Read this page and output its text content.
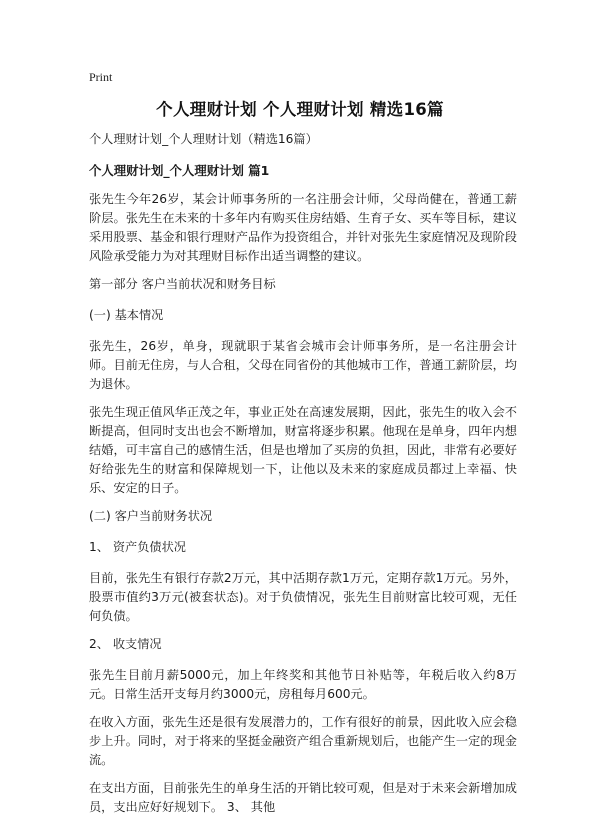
Print
个人理财计划 个人理财计划 精选16篇

个人理财计划_个人理财计划（精选16篇）

个人理财计划_个人理财计划 篇1

张先生今年26岁，某会计师事务所的一名注册会计师，父母尚健在，普通工薪阶层。张先生在未来的十多年内有购买住房结婚、生育子女、买车等目标，建议采用股票、基金和银行理财产品作为投资组合，并针对张先生家庭情况及现阶段风险承受能力为对其理财目标作出适当调整的建议。

第一部分 客户当前状况和财务目标

(一) 基本情况

张先生，26岁，单身，现就职于某省会城市会计师事务所，是一名注册会计师。目前无住房，与人合租，父母在同省份的其他城市工作，普通工薪阶层，均为退休。

张先生现正值风华正茂之年，事业正处在高速发展期，因此，张先生的收入会不断提高，但同时支出也会不断增加，财富将逐步积累。他现在是单身，四年内想结婚，可丰富自己的感情生活，但是也增加了买房的负担，因此，非常有必要好好给张先生的财富和保障规划一下，让他以及未来的家庭成员都过上幸福、快乐、安定的日子。

(二) 客户当前财务状况

1、 资产负债状况

目前，张先生有银行存款2万元，其中活期存款1万元，定期存款1万元。另外，股票市值约3万元(被套状态)。对于负债情况，张先生目前财富比较可观，无任何负债。

2、 收支情况

张先生目前月薪5000元，加上年终奖和其他节日补贴等，年税后收入约8万元。日常生活开支每月约3000元，房租每月600元。

在收入方面，张先生还是很有发展潜力的，工作有很好的前景，因此收入应会稳步上升。同时，对于将来的坚挺金融资产组合重新规划后，也能产生一定的现金流。

在支出方面，目前张先生的单身生活的开销比较可观，但是对于未来会新增加成员，支出应好好规划下。 3、 其他
